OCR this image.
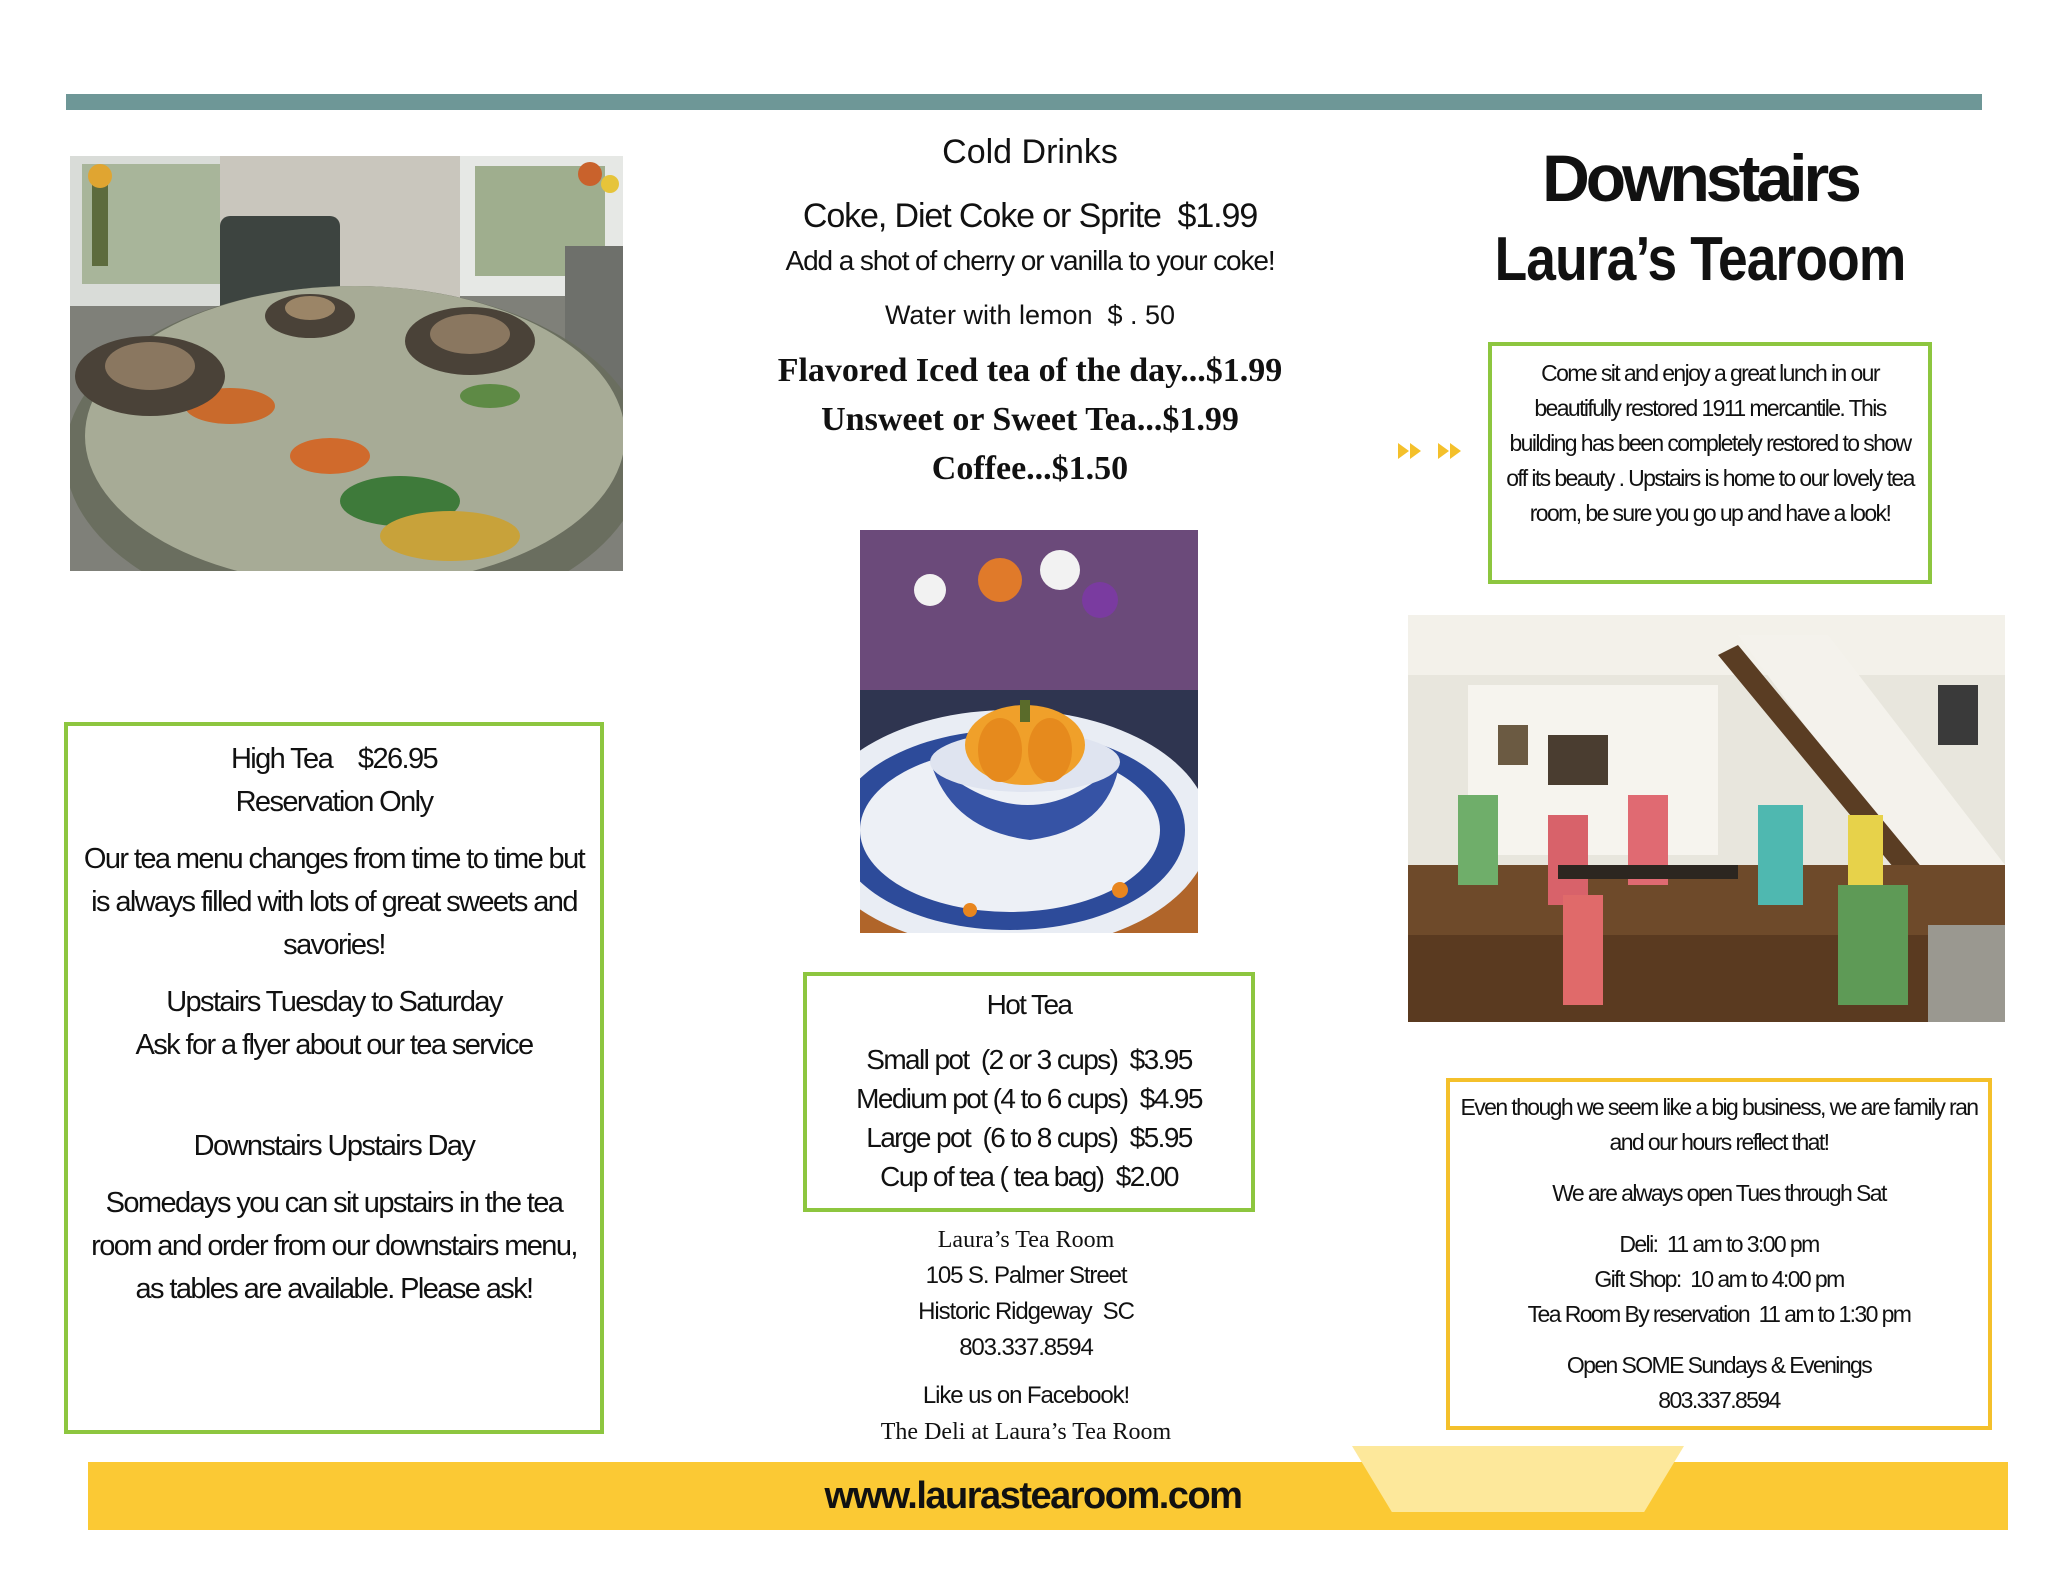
High Tea    $26.95
Reservation Only
Our tea menu changes from time to time but is always filled with lots of great sweets and savories!
Upstairs Tuesday to Saturday
Ask for a flyer about our tea service
Downstairs Upstairs Day
Somedays you can sit upstairs in the tea room and order from our downstairs menu, as tables are available. Please ask!
Cold Drinks
Coke, Diet Coke or Sprite  $1.99
Add a shot of cherry or vanilla to your coke!
Water with lemon  $ . 50
Flavored Iced tea of the day...$1.99
Unsweet or Sweet Tea...$1.99
Coffee...$1.50
Hot Tea
Small pot  (2 or 3 cups)  $3.95
Medium pot (4 to 6 cups)  $4.95
Large pot  (6 to 8 cups)  $5.95
Cup of tea ( tea bag)  $2.00
Laura’s Tea Room
105 S. Palmer Street
Historic Ridgeway  SC
803.337.8594
Like us on Facebook!
The Deli at Laura’s Tea Room
Downstairs
Laura’s Tearoom
Come sit and enjoy a great lunch in our beautifully restored 1911 mercantile. This building has been completely restored to show off its beauty . Upstairs is home to our lovely tea room, be sure you go up and have a look!
Even though we seem like a big business, we are family ran and our hours reflect that!
We are always open Tues through Sat
Deli:  11 am to 3:00 pm
Gift Shop:  10 am to 4:00 pm
Tea Room By reservation  11 am to 1:30 pm
Open SOME Sundays & Evenings
803.337.8594
www.laurastearoom.com
